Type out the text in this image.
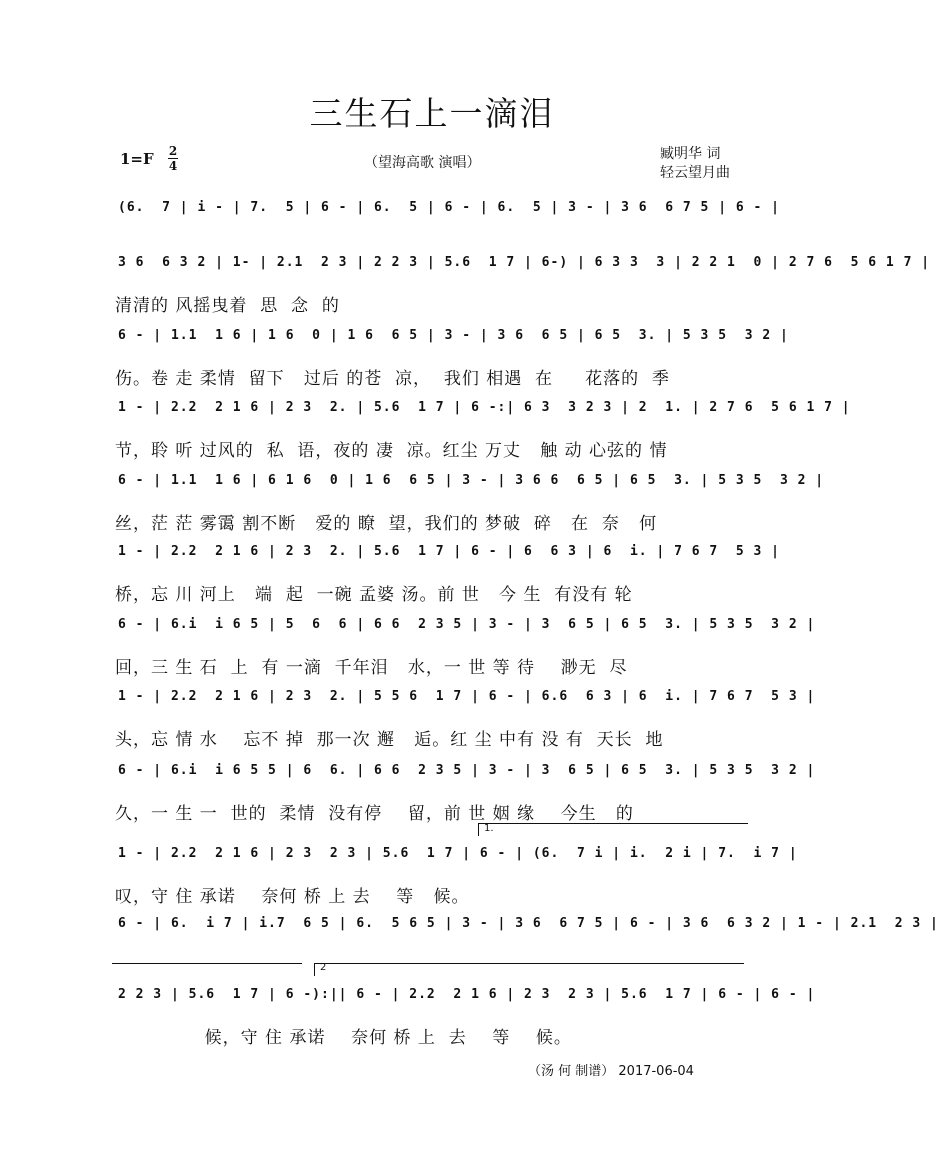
三生石上一滴泪
1=F 2
4	（望海高歌 演唱）
臧明华 词
轻云望月曲
(6.  7 | i - | 7.  5 | 6 - | 6.  5 | 6 - | 6.  5 | 3 - | 3 6  6 7 5 | 6 - |
3 6  6 3 2 | 1- | 2.1  2 3 | 2 2 3 | 5.6  1 7 | 6-) | 6 3 3  3 | 2 2 1  0 | 2 7 6  5 6 1 7 |
清清的 风摇曳着  思  念  的
6 - | 1.1  1 6 | 1 6  0 | 1 6  6 5 | 3 - | 3 6  6 5 | 6 5  3. | 5 3 5  3 2 |
伤。卷 走 柔情  留下   过后 的苍  凉，  我们 相遇  在     花落的  季
1 - | 2.2  2 1 6 | 2 3  2. | 5.6  1 7 | 6 -:| 6 3  3 2 3 | 2  1. | 2 7 6  5 6 1 7 |
节，聆 听 过风的  私  语，夜的 凄  凉。红尘 万丈   触 动 心弦的 情
6 - | 1.1  1 6 | 6 1 6  0 | 1 6  6 5 | 3 - | 3 6 6  6 5 | 6 5  3. | 5 3 5  3 2 |
丝，茫 茫 雾霭 割不断   爱的 瞭  望，我们的 梦破  碎   在  奈   何
1 - | 2.2  2 1 6 | 2 3  2. | 5.6  1 7 | 6 - | 6  6 3 | 6  i. | 7 6 7  5 3 |
桥，忘 川 河上   端  起  一碗 孟婆 汤。前 世   今 生  有没有 轮
6 - | 6.i  i 6 5 | 5  6  6 | 6 6  2 3 5 | 3 - | 3  6 5 | 6 5  3. | 5 3 5  3 2 |
回，三 生 石  上  有 一滴  千年泪   水，一 世 等 待    渺无  尽
1 - | 2.2  2 1 6 | 2 3  2. | 5 5 6  1 7 | 6 - | 6.6  6 3 | 6  i. | 7 6 7  5 3 |
头，忘 情 水    忘不 掉  那一次 邂   逅。红 尘 中有 没 有  天长  地
6 - | 6.i  i 6 5 5 | 6  6. | 6 6  2 3 5 | 3 - | 3  6 5 | 6 5  3. | 5 3 5  3 2 |
久，一 生 一  世的  柔情  没有停    留，前 世 姻 缘    今生   的
1 - | 2.2  2 1 6 | 2 3  2 3 | 5.6  1 7 | 6 - | (6.  7 i | i.  2 i | 7.  i 7 |
叹，守 住 承诺    奈何 桥 上 去    等   候。
6 - | 6.  i 7 | i.7  6 5 | 6.  5 6 5 | 3 - | 3 6  6 7 5 | 6 - | 3 6  6 3 2 | 1 - | 2.1  2 3 |
2 2 3 | 5.6  1 7 | 6 -):|| 6 - | 2.2  2 1 6 | 2 3  2 3 | 5.6  1 7 | 6 - | 6 - |
候，守 住 承诺    奈何 桥 上  去    等    候。
1.
2
（汤 何 制谱） 2017-06-04
